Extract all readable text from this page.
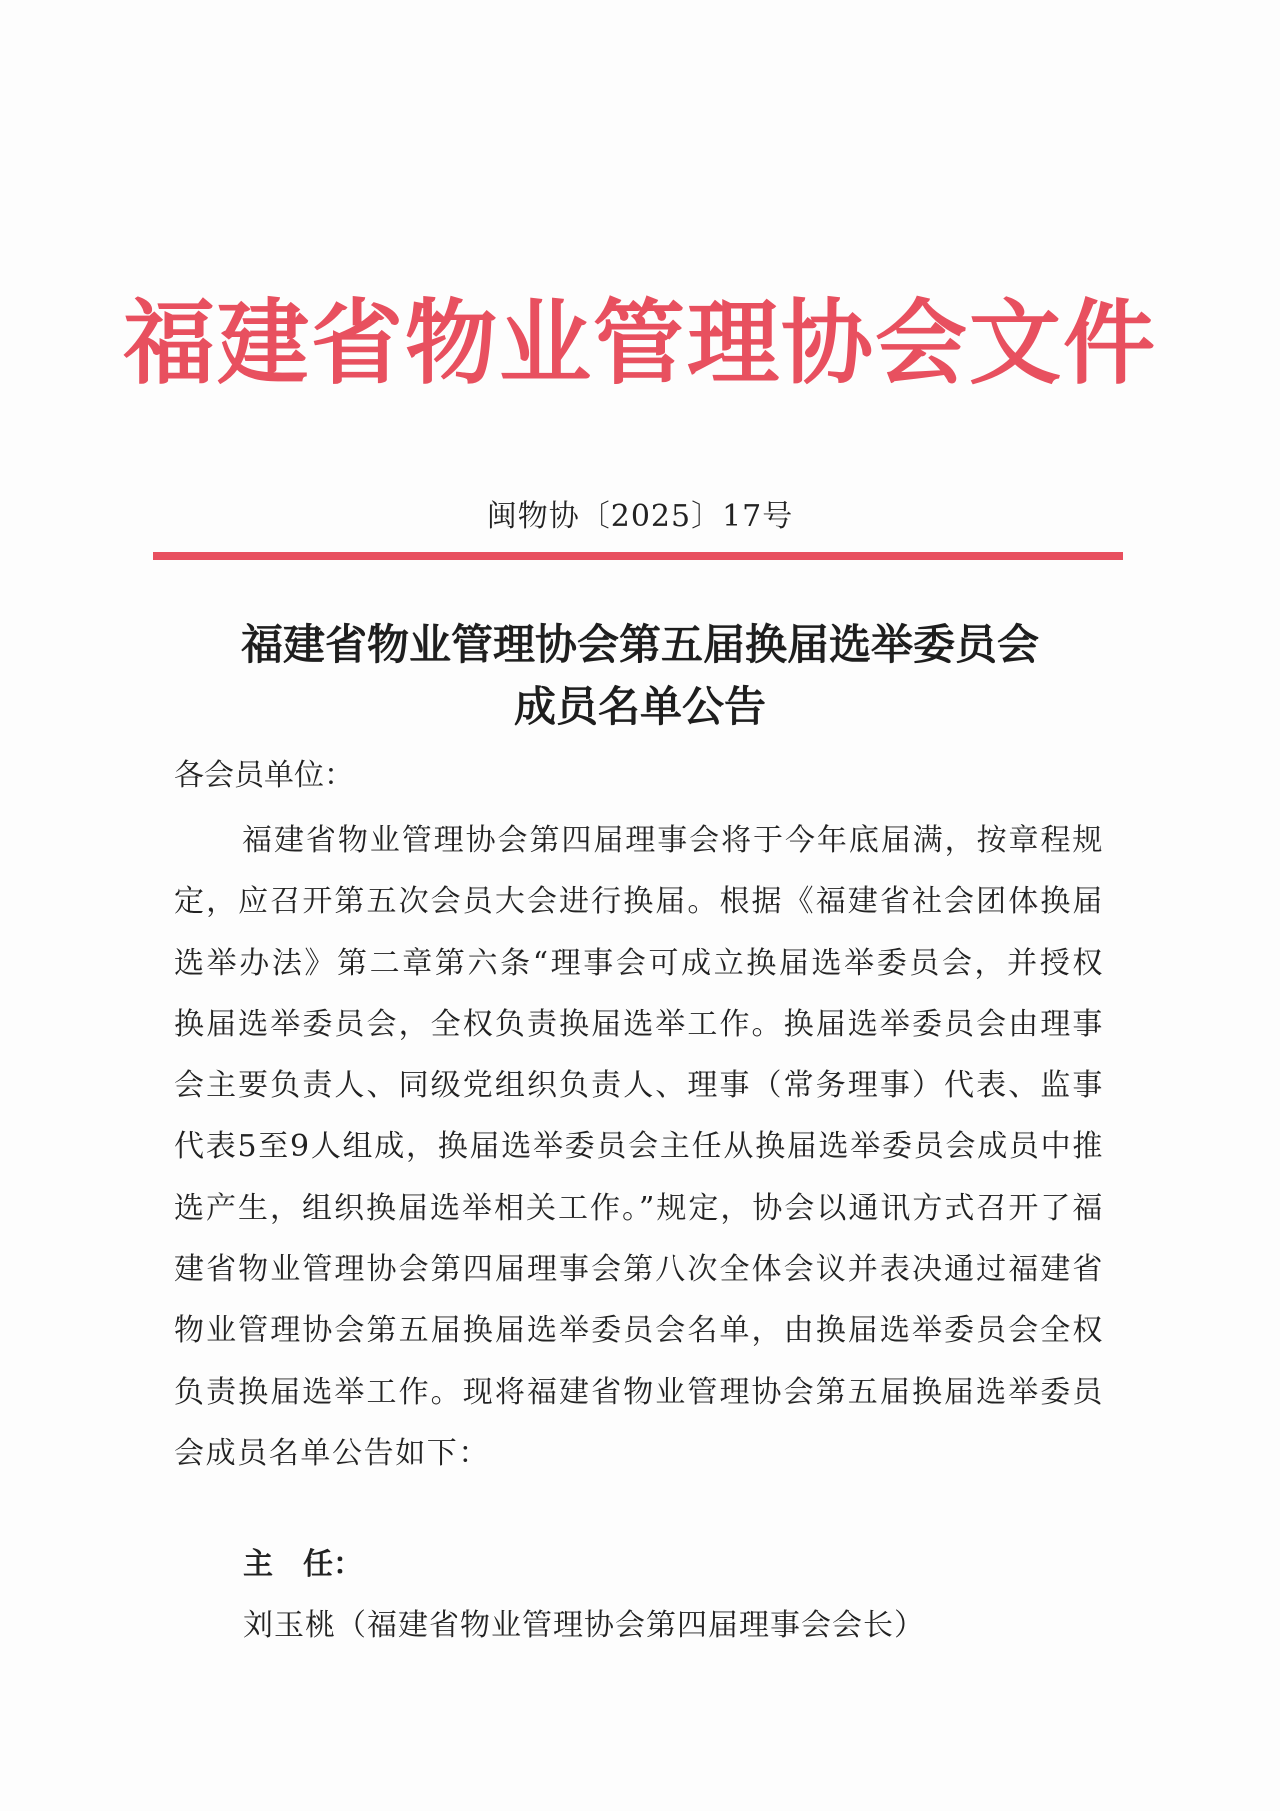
福建省物业管理协会文件
闽物协〔2025〕17号
福建省物业管理协会第五届换届选举委员会
成员名单公告
各会员单位：
福建省物业管理协会第四届理事会将于今年底届满，按章程规定，应召开第五次会员大会进行换届。根据《福建省社会团体换届选举办法》第二章第六条“理事会可成立换届选举委员会，并授权换届选举委员会，全权负责换届选举工作。换届选举委员会由理事会主要负责人、同级党组织负责人、理事（常务理事）代表、监事代表5至9人组成，换届选举委员会主任从换届选举委员会成员中推选产生，组织换届选举相关工作。”规定，协会以通讯方式召开了福建省物业管理协会第四届理事会第八次全体会议并表决通过福建省物业管理协会第五届换届选举委员会名单，由换届选举委员会全权负责换届选举工作。现将福建省物业管理协会第五届换届选举委员会成员名单公告如下：
主　任：
刘玉桃（福建省物业管理协会第四届理事会会长）
